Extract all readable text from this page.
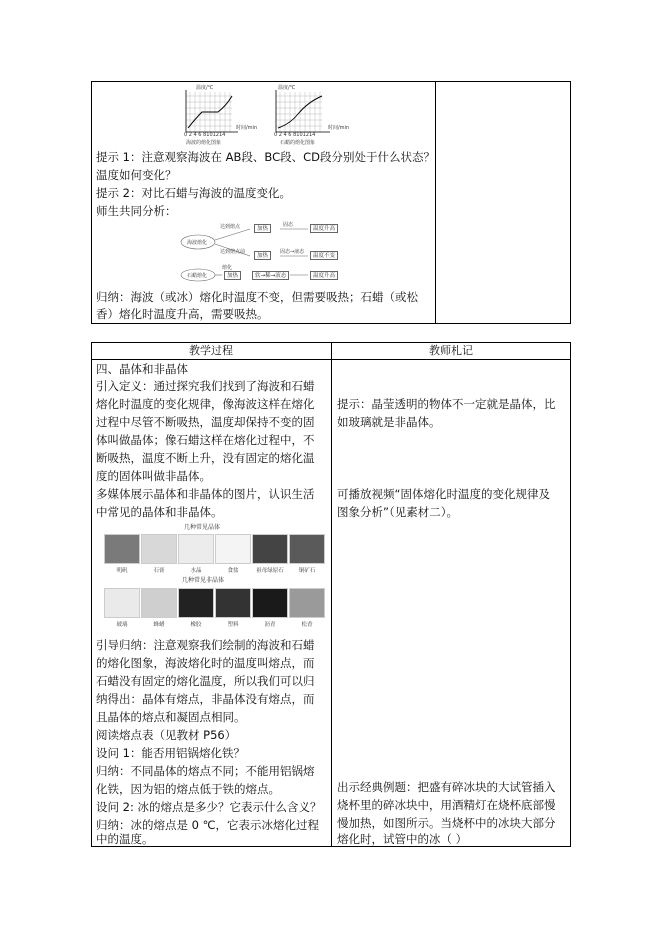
温度/℃
时间/min
0 2 4 6 8101214
海波的熔化图象
温度/℃
时间/min
0 2 4 6 8101214
石蜡的熔化图象
提示 1：注意观察海波在 AB段、BC段、CD段分别处于什么状态？
温度如何变化？
提示 2：对比石蜡与海波的温度变化。
师生共同分析：
海波熔化
达到熔点
达到熔点前
加热
固态
温度升高
加热
固态→液态
温度不变
石蜡熔化
熔化
加热	软→稀→液态	温度升高
归纳：海波（或冰）熔化时温度不变，但需要吸热；石蜡（或松
香）熔化时温度升高，需要吸热。
教学过程	教师札记
四、晶体和非晶体
引入定义：通过探究我们找到了海波和石蜡
熔化时温度的变化规律，像海波这样在熔化
过程中尽管不断吸热，温度却保持不变的固
体叫做晶体；像石蜡这样在熔化过程中，不
断吸热，温度不断上升，没有固定的熔化温
度的固体叫做非晶体。
多媒体展示晶体和非晶体的图片，认识生活
中常见的晶体和非晶体。
几种常见晶体
明矾	石膏	水晶	食盐	祖母绿原石	铜矿石
几种常见非晶体
玻璃	蜂蜡	橡胶	塑料	沥青	松香
引导归纳：注意观察我们绘制的海波和石蜡
的熔化图象，海波熔化时的温度叫熔点，而
石蜡没有固定的熔化温度，所以我们可以归
纳得出：晶体有熔点，非晶体没有熔点，而
且晶体的熔点和凝固点相同。
阅读熔点表（见教材 P56）
设问 1：能否用铝锅熔化铁？
归纳：不同晶体的熔点不同；不能用铝锅熔
化铁，因为铝的熔点低于铁的熔点。
设问 2: 冰的熔点是多少？它表示什么含义？
归纳：冰的熔点是 0 ℃，它表示冰熔化过程
中的温度。
提示：晶莹透明的物体不一定就是晶体，比
如玻璃就是非晶体。
可播放视频“固体熔化时温度的变化规律及
图象分析”（见素材二）。
出示经典例题：把盛有碎冰块的大试管插入
烧杯里的碎冰块中，用酒精灯在烧杯底部慢
慢加热，如图所示。当烧杯中的冰块大部分
熔化时，试管中的冰（ ）
